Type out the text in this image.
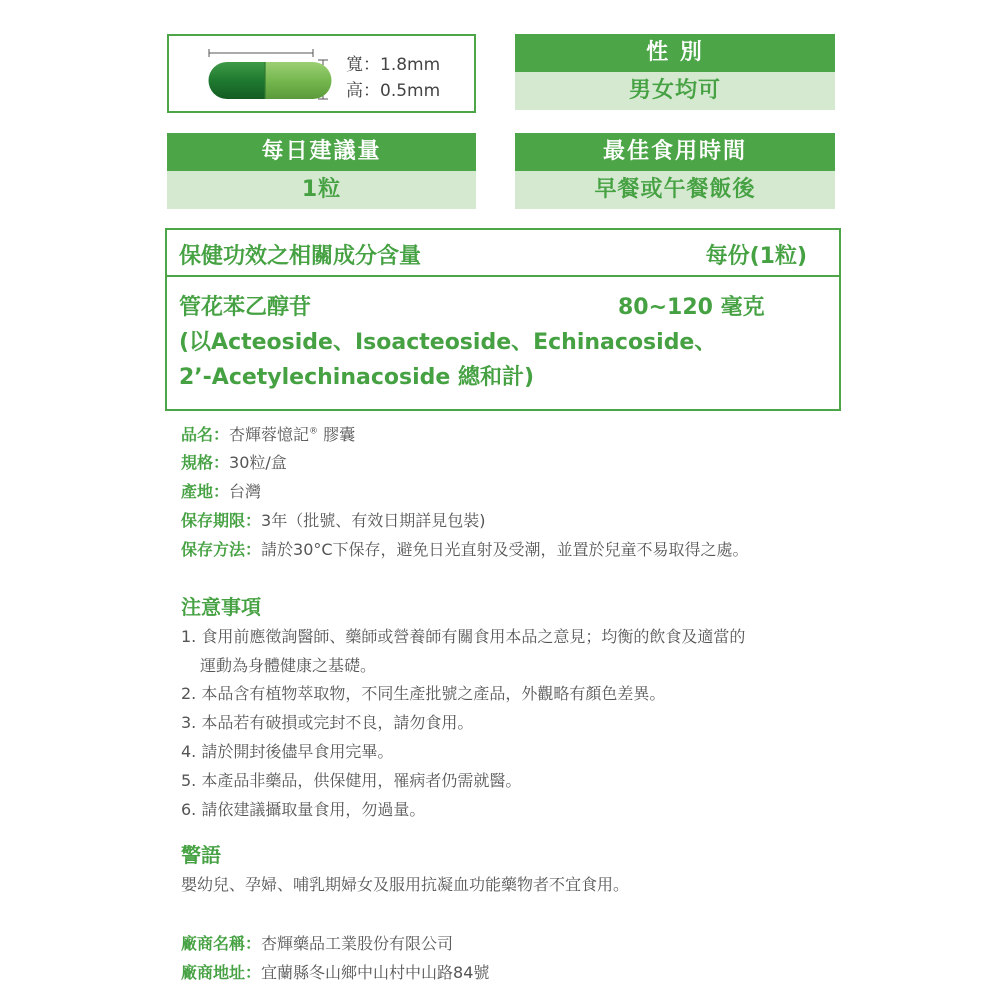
寬：1.8mm
高：0.5mm
性 別
男女均可
每日建議量
1粒
最佳食用時間
早餐或午餐飯後
保健功效之相關成分含量	每份(1粒)
管花苯乙醇苷	80~120 毫克
(以Acteoside、Isoacteoside、Echinacoside、
2’-Acetylechinacoside 總和計)
品名：杏輝蓉憶記® 膠囊
規格：30粒/盒
產地：台灣
保存期限：3年（批號、有效日期詳見包裝)
保存方法：請於30°C下保存，避免日光直射及受潮，並置於兒童不易取得之處。
注意事項
1. 食用前應徵詢醫師、藥師或營養師有關食用本品之意見；均衡的飲食及適當的
運動為身體健康之基礎。
2. 本品含有植物萃取物，不同生產批號之產品，外觀略有顏色差異。
3. 本品若有破損或完封不良，請勿食用。
4. 請於開封後儘早食用完畢。
5. 本產品非藥品，供保健用，罹病者仍需就醫。
6. 請依建議攝取量食用，勿過量。
警語
嬰幼兒、孕婦、哺乳期婦女及服用抗凝血功能藥物者不宜食用。
廠商名稱：杏輝藥品工業股份有限公司
廠商地址：宜蘭縣冬山鄉中山村中山路84號
